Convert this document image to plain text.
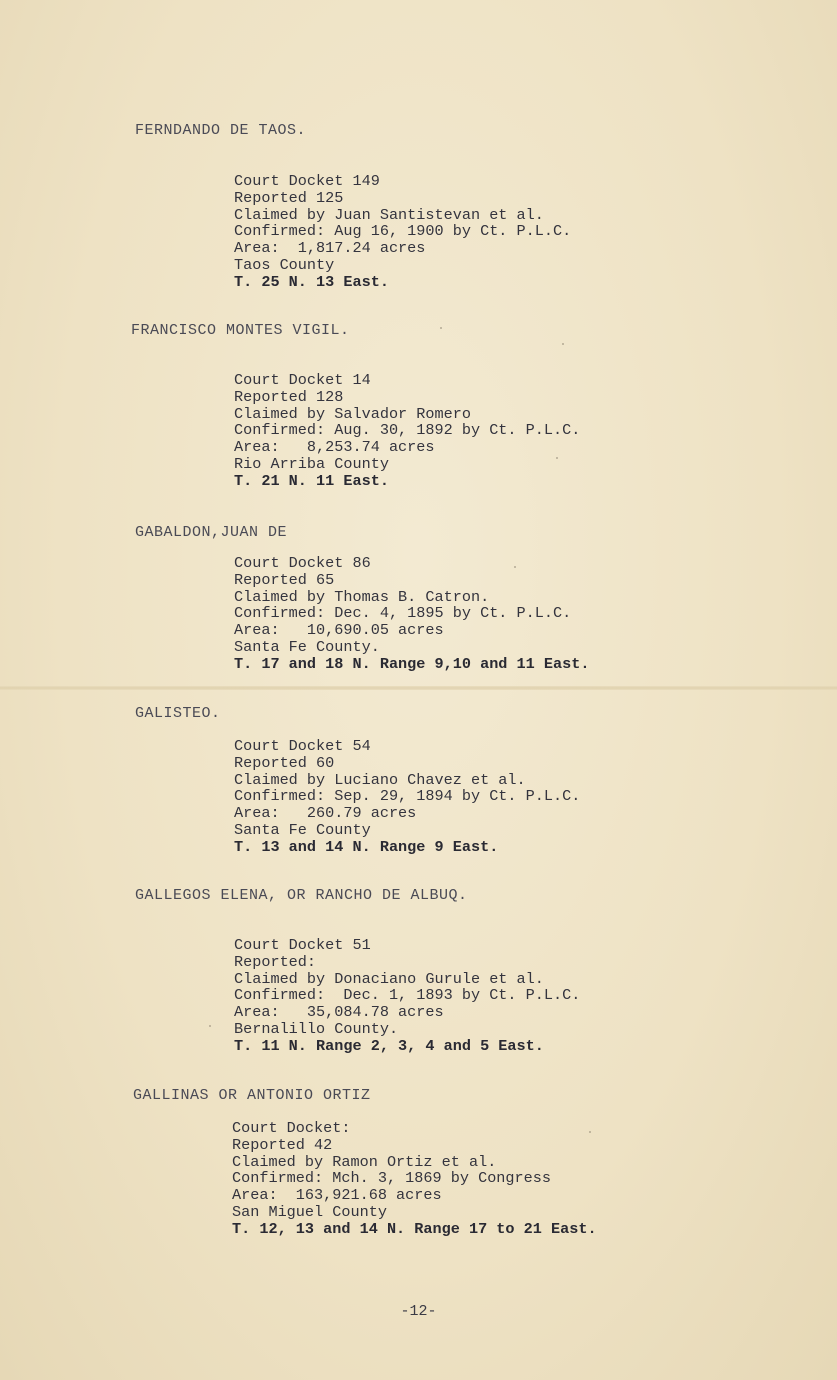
FERNDANDO DE TAOS.

Court Docket 149
Reported 125
Claimed by Juan Santistevan et al.
Confirmed: Aug 16, 1900 by Ct. P.L.C.
Area:  1,817.24 acres
Taos County
T. 25 N. 13 East.

FRANCISCO MONTES VIGIL.

Court Docket 14
Reported 128
Claimed by Salvador Romero
Confirmed: Aug. 30, 1892 by Ct. P.L.C.
Area:   8,253.74 acres
Rio Arriba County
T. 21 N. 11 East.

GABALDON,JUAN DE

Court Docket 86
Reported 65
Claimed by Thomas B. Catron.
Confirmed: Dec. 4, 1895 by Ct. P.L.C.
Area:   10,690.05 acres
Santa Fe County.
T. 17 and 18 N. Range 9,10 and 11 East.

GALISTEO.

Court Docket 54
Reported 60
Claimed by Luciano Chavez et al.
Confirmed: Sep. 29, 1894 by Ct. P.L.C.
Area:   260.79 acres
Santa Fe County
T. 13 and 14 N. Range 9 East.

GALLEGOS ELENA, OR RANCHO DE ALBUQ.

Court Docket 51
Reported:
Claimed by Donaciano Gurule et al.
Confirmed:  Dec. 1, 1893 by Ct. P.L.C.
Area:   35,084.78 acres
Bernalillo County.
T. 11 N. Range 2, 3, 4 and 5 East.

GALLINAS OR ANTONIO ORTIZ

Court Docket:
Reported 42
Claimed by Ramon Ortiz et al.
Confirmed: Mch. 3, 1869 by Congress
Area:  163,921.68 acres
San Miguel County
T. 12, 13 and 14 N. Range 17 to 21 East.
-12-
